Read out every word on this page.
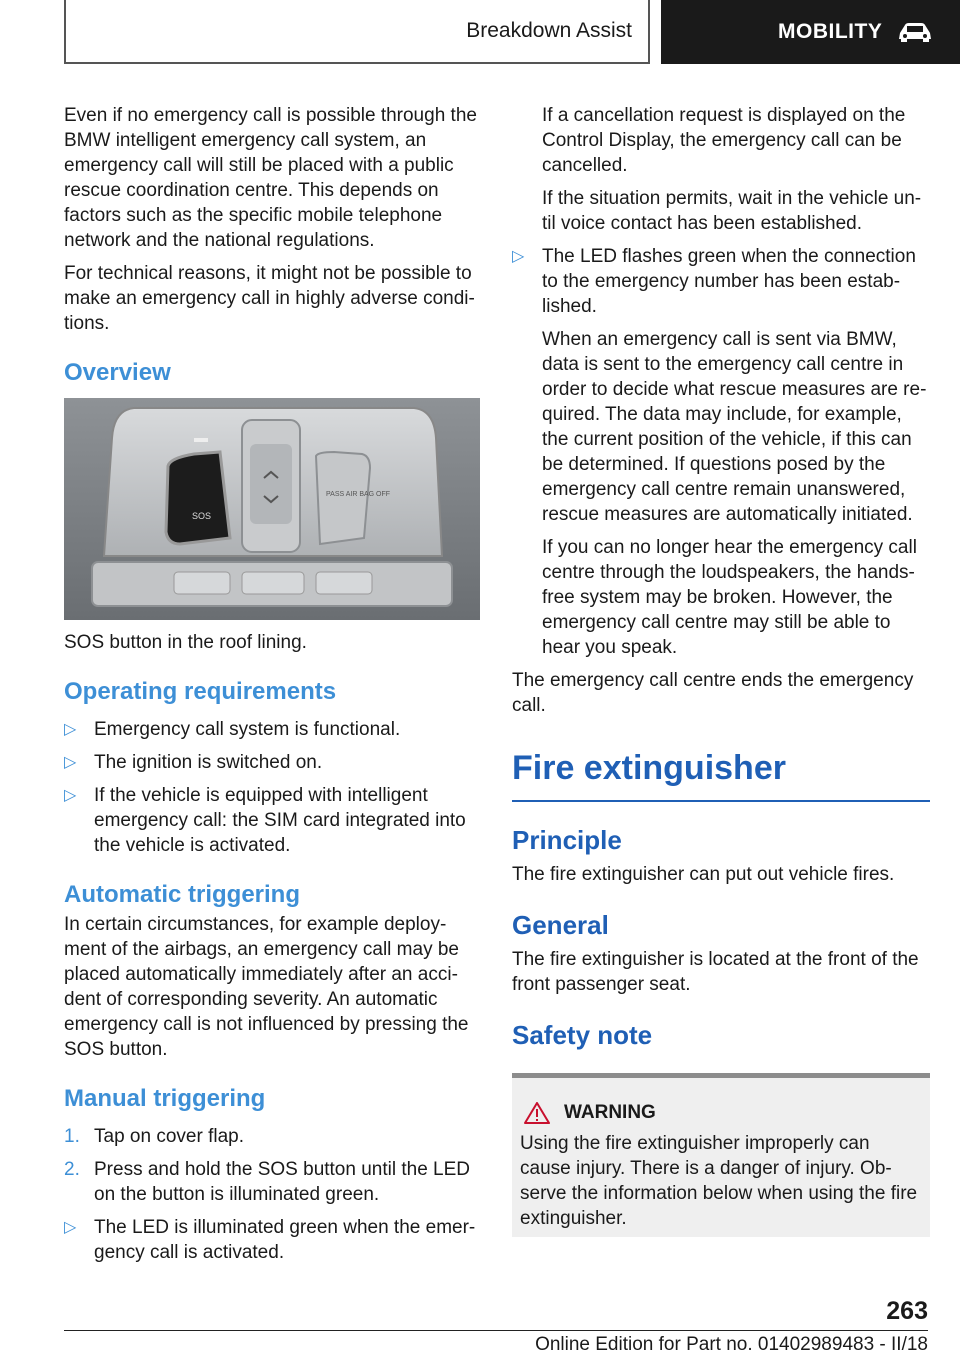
Breakdown Assist	MOBILITY

Even if no emergency call is possible through the BMW intelligent emergency call system, an emergency call will still be placed with a public rescue coordination centre. This depends on factors such as the specific mobile telephone network and the national regulations.

For technical reasons, it might not be possible to make an emergency call in highly adverse condi‐tions.

Overview
SOS
PASS AIR BAG OFF

SOS button in the roof lining.

Operating requirements
▷ Emergency call system is functional.
▷ The ignition is switched on.
▷ If the vehicle is equipped with intelligent emergency call: the SIM card integrated into the vehicle is activated.
Automatic triggering

In certain circumstances, for example deploy‐ment of the airbags, an emergency call may be placed automatically immediately after an acci‐dent of corresponding severity. An automatic emergency call is not influenced by pressing the SOS button.

Manual triggering
1. Tap on cover flap.
2. Press and hold the SOS button until the LED on the button is illuminated green.
▷ The LED is illuminated green when the emer‐gency call is activated.

If a cancellation request is displayed on the Control Display, the emergency call can be cancelled.

If the situation permits, wait in the vehicle un‐til voice contact has been established.

▷ The LED flashes green when the connection to the emergency number has been estab‐lished.

When an emergency call is sent via BMW, data is sent to the emergency call centre in order to decide what rescue measures are re‐quired. The data may include, for example, the current position of the vehicle, if this can be determined. If questions posed by the emergency call centre remain unanswered, rescue measures are automatically initiated.

If you can no longer hear the emergency call centre through the loudspeakers, the hands-free system may be broken. However, the emergency call centre may still be able to hear you speak.

The emergency call centre ends the emergency call.

Fire extinguisher
Principle

The fire extinguisher can put out vehicle fires.

General

The fire extinguisher is located at the front of the front passenger seat.

Safety note
WARNING

Using the fire extinguisher improperly can cause injury. There is a danger of injury. Ob‐serve the information below when using the fire extinguisher.

263
Online Edition for Part no. 01402989483 - II/18
